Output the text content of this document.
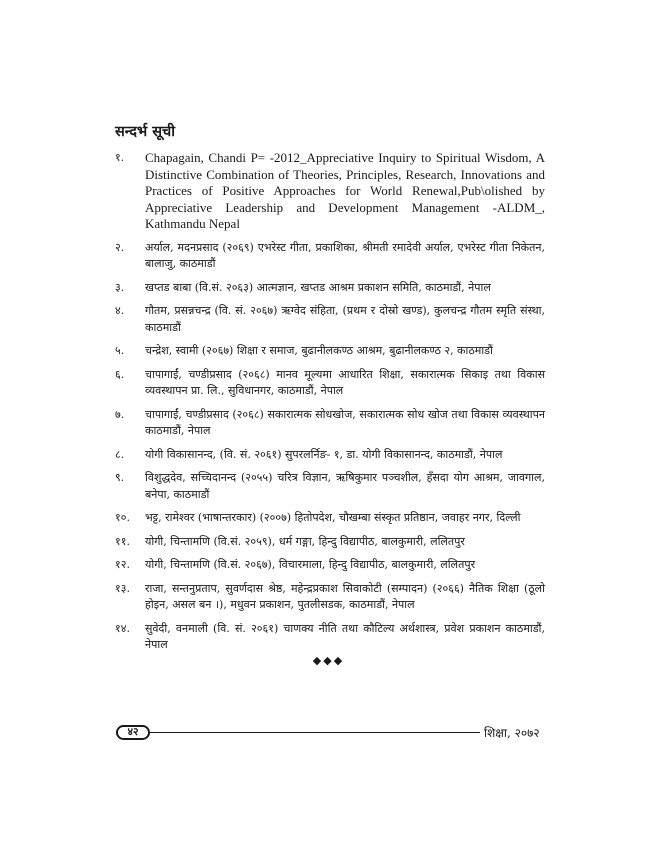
सन्दर्भ सूची
१.	Chapagain, Chandi P= -2012_Appreciative Inquiry to Spiritual Wisdom, A Distinctive Combination of Theories, Principles, Research, Innovations and Practices of Positive Approaches for World Renewal,Pub\olished by Appreciative Leadership and Development Management -ALDM_, Kathmandu Nepal
२.	अर्याल, मदनप्रसाद (२०६९) एभरेस्ट गीता, प्रकाशिका, श्रीमती रमादेवी अर्याल, एभरेस्ट गीता निकेतन, बालाजु, काठमाडौं
३.	खप्तड बाबा (वि.सं. २०६३) आत्मज्ञान, खप्तड आश्रम प्रकाशन समिति, काठमाडौं, नेपाल
४.	गौतम, प्रसन्नचन्द्र (वि. सं. २०६७) ऋग्वेद संहिता, (प्रथम र दोस्रो खण्ड), कुलचन्द्र गौतम स्मृति संस्था, काठमाडौं
५.	चन्द्रेश, स्वामी (२०६७) शिक्षा र समाज, बुढानीलकण्ठ आश्रम, बुढानीलकण्ठ २, काठमाडौं
६.	चापागाईं, चण्डीप्रसाद (२०६८) मानव मूल्यमा आधारित शिक्षा, सकारात्मक सिकाइ तथा विकास व्यवस्थापन प्रा. लि., सुविधानगर, काठमाडौं, नेपाल
७.	चापागाईं, चण्डीप्रसाद (२०६८) सकारात्मक सोधखोज, सकारात्मक सोध खोज तथा विकास व्यवस्थापन काठमाडौं, नेपाल
८.	योगी विकासानन्द, (वि. सं. २०६१) सुपरलर्निङ- १, डा. योगी विकासानन्द, काठमाडौं, नेपाल
९.	विशुद्धदेव, सच्चिदानन्द (२०५५) चरित्र विज्ञान, ऋषिकुमार पञ्चशील, हँसदा योग आश्रम, जावगाल, बनेपा, काठमाडौं
१०.	भट्ट, रामेश्वर (भाषान्तरकार) (२००७) हितोपदेश, चौखम्बा संस्कृत प्रतिष्ठान, जवाहर नगर, दिल्ली
११.	योगी, चिन्तामणि (वि.सं. २०५९), धर्म गङ्गा, हिन्दु विद्यापीठ, बालकुमारी, ललितपुर
१२.	योगी, चिन्तामणि (वि.सं. २०६७), विचारमाला, हिन्दु विद्यापीठ, बालकुमारी, ललितपुर
१३.	राजा, सन्तनुप्रताप, सुवर्णदास श्रेष्ठ, महेन्द्रप्रकाश सिवाकोटी (सम्पादन) (२०६६) नैतिक शिक्षा (ठूलो होइन, असल बन ।), मधुवन प्रकाशन, पुतलीसडक, काठमाडौं, नेपाल
१४.	सुवेदी, वनमाली (वि. सं. २०६१) चाणक्य नीति तथा कौटिल्य अर्थशास्त्र, प्रवेश प्रकाशन काठमाडौं, नेपाल
◆◆◆
४२	शिक्षा, २०७२
